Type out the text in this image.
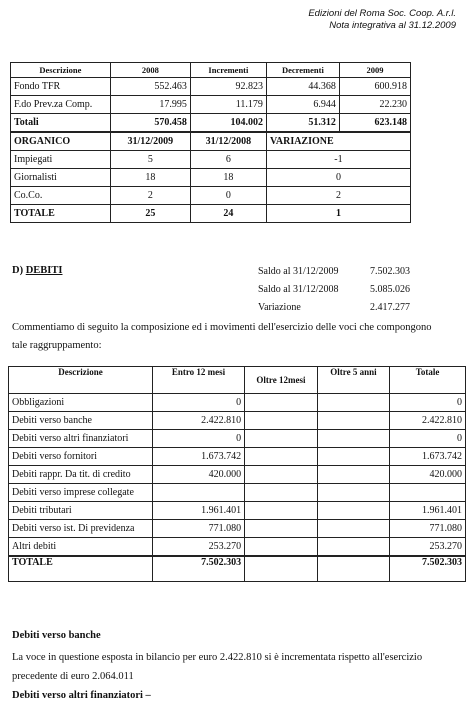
Edizioni del Roma Soc. Coop. A.r.l.
Nota integrativa al 31.12.2009
Descrizione	2008	Incrementi	Decrementi	2009
Fondo TFR	552.463	92.823	44.368	600.918
F.do Prev.za Comp.	17.995	11.179	6.944	22.230
Totali	570.458	104.002	51.312	623.148
ORGANICO	31/12/2009	31/12/2008	VARIAZIONE	
Impiegati	5	6	-1	
Giornalisti	18	18	0	
Co.Co.	2	0	2	
TOTALE	25	24	1	
D) DEBITI	Saldo al 31/12/2009	7.502.303
Saldo al 31/12/2008	5.085.026
Variazione	2.417.277
Commentiamo di seguito la composizione ed i movimenti dell'esercizio delle voci che compongono
tale raggruppamento:
Descrizione	Entro 12 mesi	Oltre 12mesi	Oltre 5 anni	Totale
Obbligazioni	0			0
Debiti verso banche	2.422.810			2.422.810
Debiti verso altri finanziatori	0			0
Debiti verso fornitori	1.673.742			1.673.742
Debiti rappr. Da tit. di credito	420.000			420.000
Debiti verso imprese collegate				
Debiti tributari	1.961.401			1.961.401
Debiti verso ist. Di previdenza	771.080			771.080
Altri debiti	253.270			253.270
TOTALE	7.502.303			7.502.303
Debiti verso banche
La voce in questione esposta in bilancio per euro 2.422.810 si è incrementata rispetto all'esercizio
precedente di euro 2.064.011
Debiti verso altri finanziatori –
